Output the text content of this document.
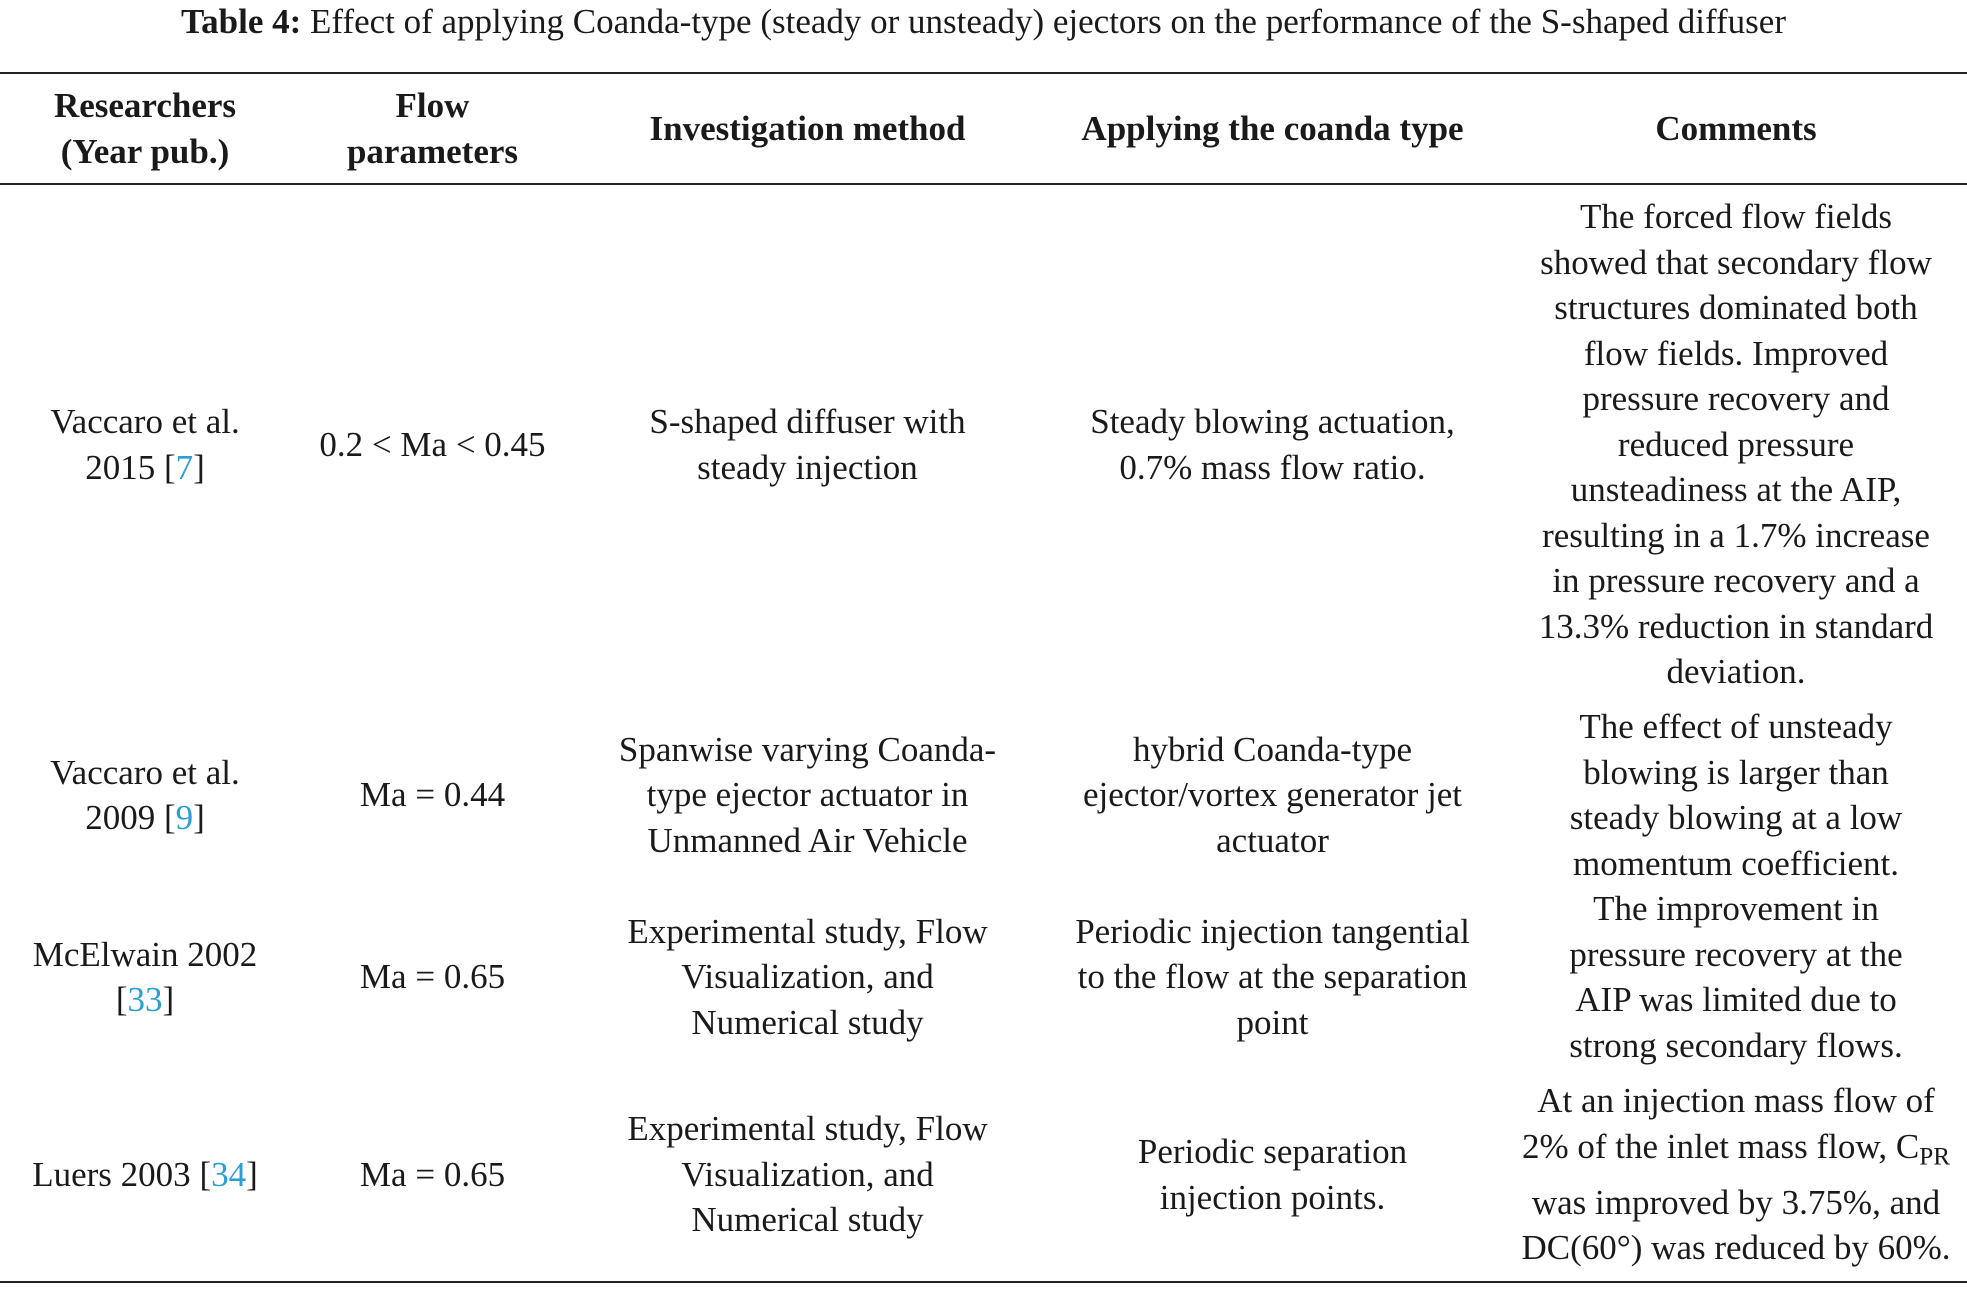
Table 4: Effect of applying Coanda-type (steady or unsteady) ejectors on the performance of the S-shaped diffuser
Researchers (Year pub.)	Flow parameters	Investigation method	Applying the coanda type	Comments

Vaccaro et al. 2015 [7]	0.2 < Ma < 0.45	S-shaped diffuser with steady injection	Steady blowing actuation, 0.7% mass flow ratio.	The forced flow fields showed that secondary flow structures dominated both flow fields. Improved pressure recovery and reduced pressure unsteadiness at the AIP, resulting in a 1.7% increase in pressure recovery and a 13.3% reduction in standard deviation.

Vaccaro et al. 2009 [9]	Ma = 0.44	Spanwise varying Coanda-type ejector actuator in Unmanned Air Vehicle	hybrid Coanda-type ejector/vortex generator jet actuator	The effect of unsteady blowing is larger than steady blowing at a low momentum coefficient.

McElwain 2002 [33]	Ma = 0.65	Experimental study, Flow Visualization, and Numerical study	Periodic injection tangential to the flow at the separation point	The improvement in pressure recovery at the AIP was limited due to strong secondary flows.

Luers 2003 [34]	Ma = 0.65	Experimental study, Flow Visualization, and Numerical study	Periodic separation injection points.	At an injection mass flow of 2% of the inlet mass flow, $C_{PR}$ was improved by 3.75%, and DC(60°) was reduced by 60%.
